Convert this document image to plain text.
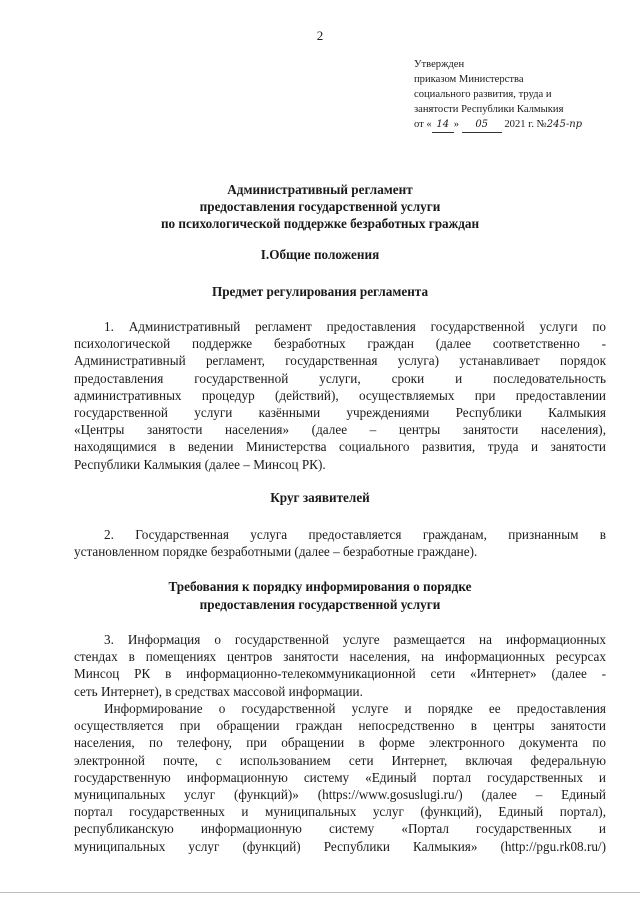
2
Утвержден
приказом Министерства
социального развития, труда и
занятости Республики Калмыкия
от « 14 » 05 2021 г. №245-пр
Административный регламент
предоставления государственной услуги
по психологической поддержке безработных граждан
I.Общие положения
Предмет регулирования регламента
1. Административный регламент предоставления государственной услуги по
психологической поддержке безработных граждан (далее соответственно -
Административный регламент, государственная услуга) устанавливает порядок
предоставления государственной услуги, сроки и последовательность
административных процедур (действий), осуществляемых при предоставлении
государственной услуги казёнными учреждениями Республики Калмыкия
«Центры занятости населения» (далее – центры занятости населения),
находящимися в ведении Министерства социального развития, труда и занятости
Республики Калмыкия (далее – Минсоц РК).
Круг заявителей
2. Государственная услуга предоставляется гражданам, признанным в
установленном порядке безработными (далее – безработные граждане).
Требования к порядку информирования о порядке
предоставления государственной услуги
3. Информация о государственной услуге размещается на информационных
стендах в помещениях центров занятости населения, на информационных ресурсах
Минсоц РК в информационно-телекоммуникационной сети «Интернет» (далее -
сеть Интернет), в средствах массовой информации.
Информирование о государственной услуге и порядке ее предоставления
осуществляется при обращении граждан непосредственно в центры занятости
населения, по телефону, при обращении в форме электронного документа по
электронной почте, с использованием сети Интернет, включая федеральную
государственную информационную систему «Единый портал государственных и
муниципальных услуг (функций)» (https://www.gosuslugi.ru/) (далее – Единый
портал государственных и муниципальных услуг (функций), Единый портал),
республиканскую информационную систему «Портал государственных и
муниципальных услуг (функций) Республики Калмыкия» (http://pgu.rk08.ru/)
